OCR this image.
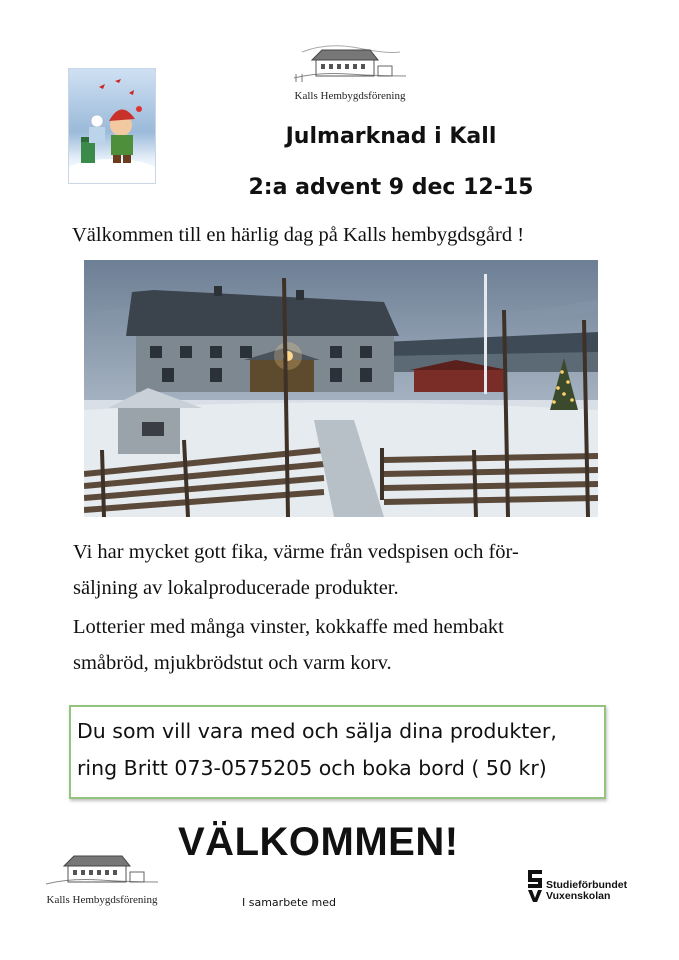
Kalls Hembygdsförening
Julmarknad i Kall
2:a advent 9 dec 12-15
Välkommen till en härlig dag på Kalls hembygdsgård !
Vi har mycket gott fika, värme från vedspisen och för-
säljning av lokalproducerade produkter.
Lotterier med många vinster, kokkaffe med hembakt
småbröd, mjukbrödstut och varm korv.
Du som vill vara med och sälja dina produkter,
ring Britt 073-0575205 och boka bord ( 50 kr)
VÄLKOMMEN!
Kalls Hembygdsförening	I samarbete med
Studieförbundet
Vuxenskolan
